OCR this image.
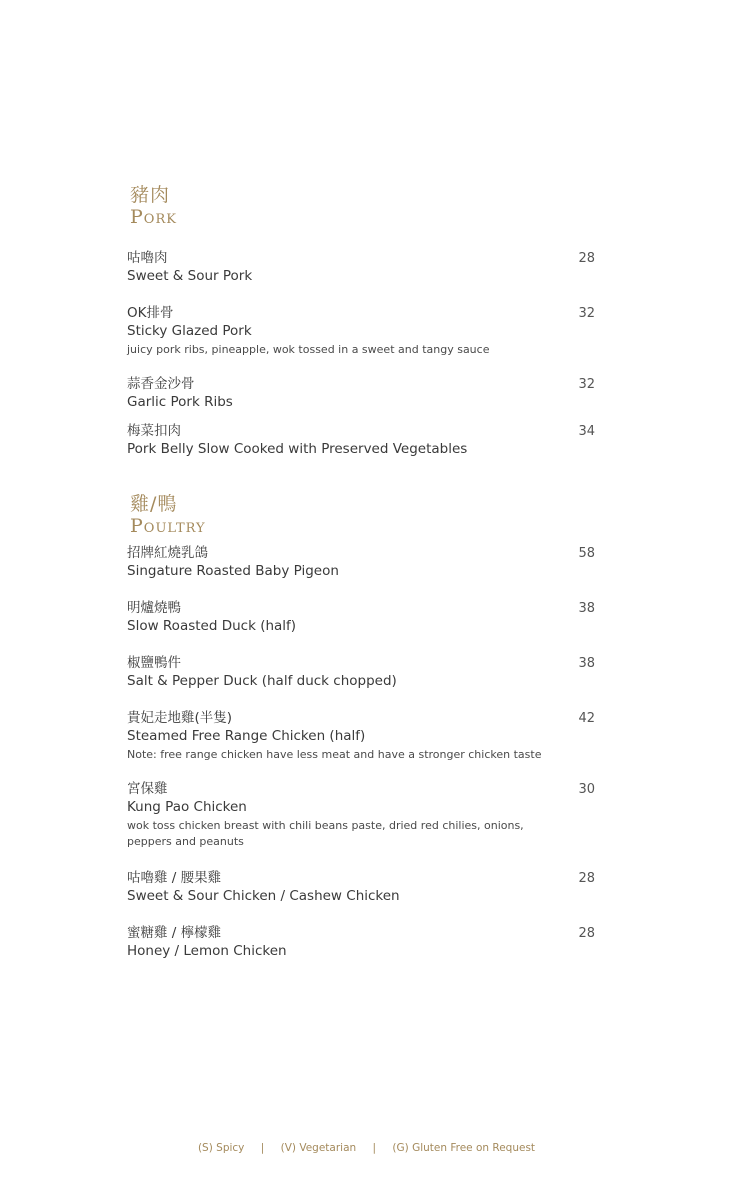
豬肉
Pork
咕嚕肉
Sweet & Sour Pork
28
OK排骨
Sticky Glazed Pork
juicy pork ribs, pineapple, wok tossed in a sweet and tangy sauce
32
蒜香金沙骨
Garlic Pork Ribs
32
梅菜扣肉
Pork Belly Slow Cooked with Preserved Vegetables
34
雞/鴨
Poultry
招牌紅燒乳鴿
Singature Roasted Baby Pigeon
58
明爐燒鴨
Slow Roasted Duck (half)
38
椒鹽鴨件
Salt & Pepper Duck (half duck chopped)
38
貴妃走地雞(半隻)
Steamed Free Range Chicken (half)
Note: free range chicken have less meat and have a stronger chicken taste
42
宮保雞
Kung Pao Chicken
wok toss chicken breast with chili beans paste, dried red chilies, onions, peppers and peanuts
30
咕嚕雞 / 腰果雞
Sweet & Sour Chicken / Cashew Chicken
28
蜜糖雞 / 檸檬雞
Honey / Lemon Chicken
28
(S) Spicy | (V) Vegetarian | (G) Gluten Free on Request
